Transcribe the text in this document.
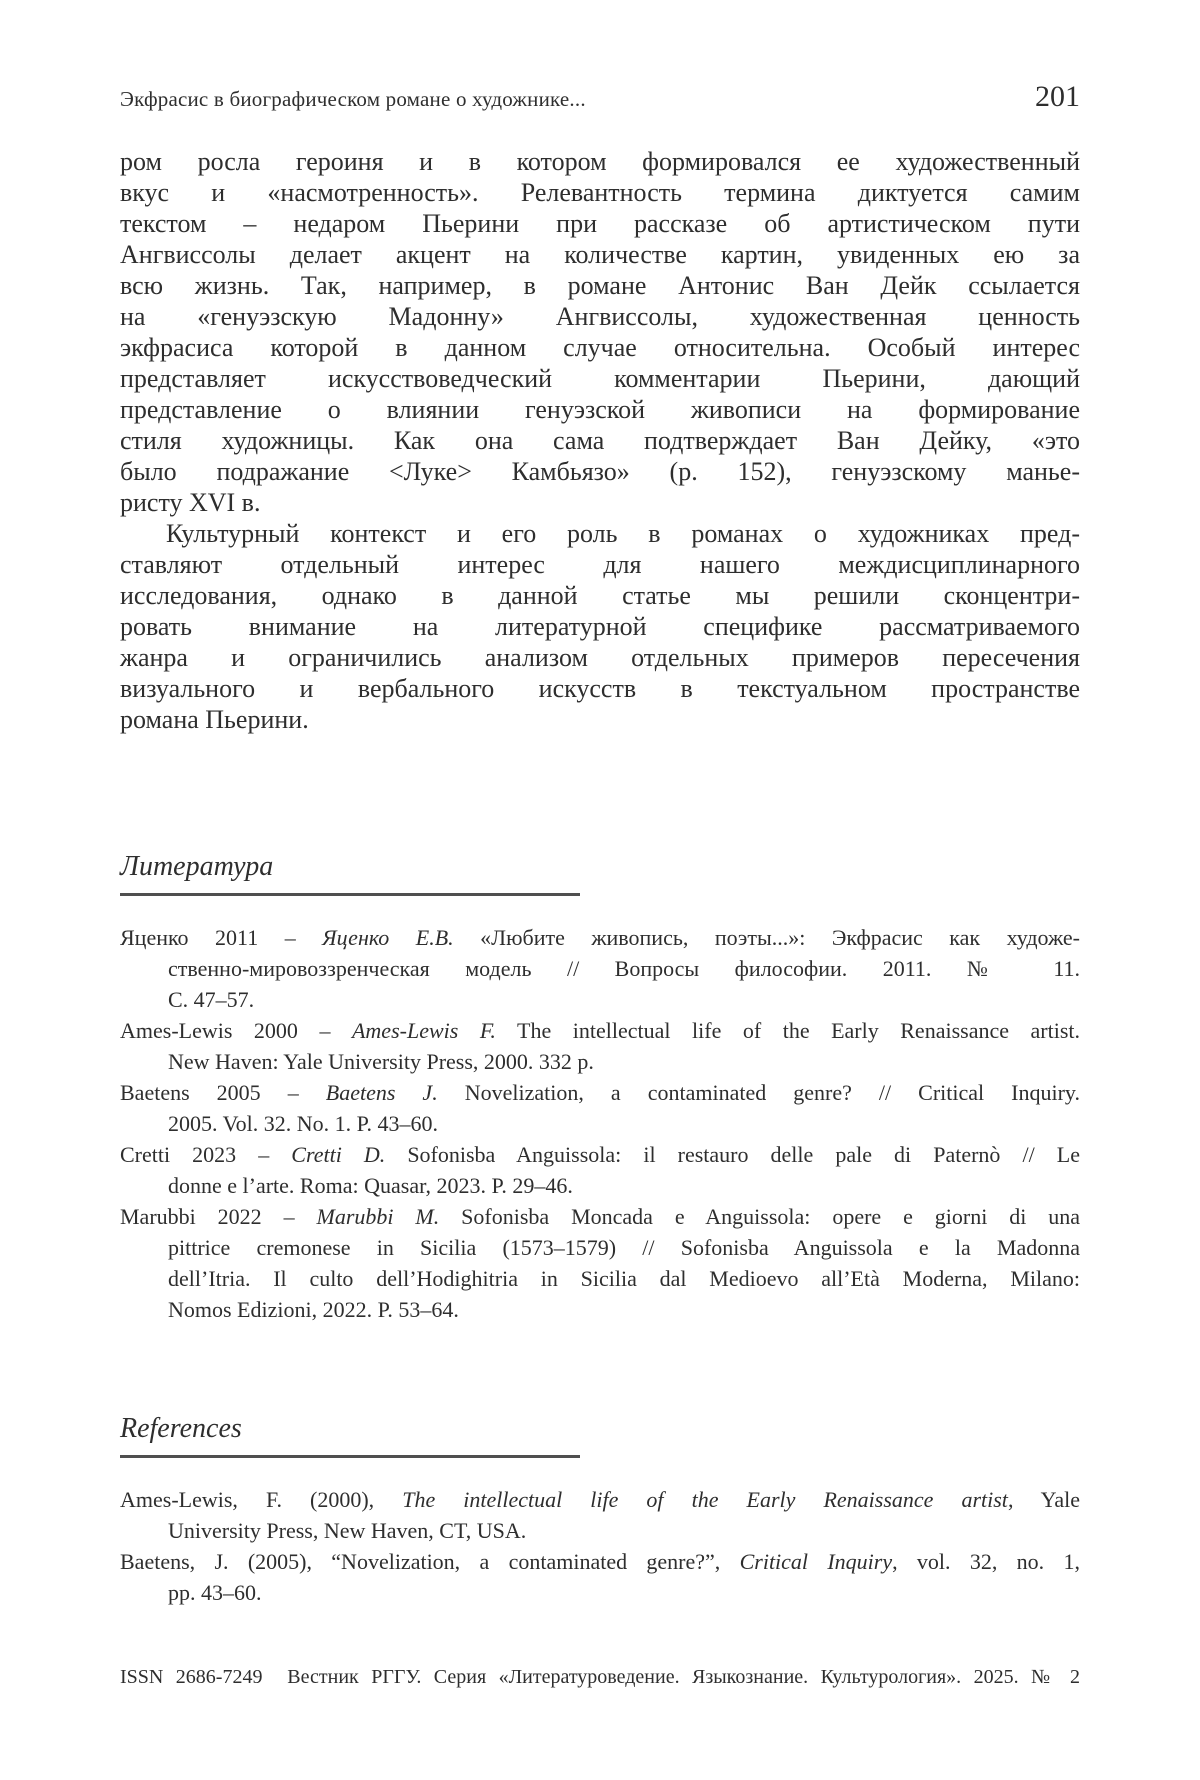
Экфрасис в биографическом романе о художнике...	201
ром росла героиня и в котором формировался ее художественный
вкус и «насмотренность». Релевантность термина диктуется самим
текстом – недаром Пьерини при рассказе об артистическом пути
Ангвиссолы делает акцент на количестве картин, увиденных ею за
всю жизнь. Так, например, в романе Антонис Ван Дейк ссылается
на «генуэзскую Мадонну» Ангвиссолы, художественная ценность
экфрасиса которой в данном случае относительна. Особый интерес
представляет искусствоведческий комментарии Пьерини, дающий
представление о влиянии генуэзской живописи на формирование
стиля художницы. Как она сама подтверждает Ван Дейку, «это
было подражание <Луке> Камбьязо» (р. 152), генуэзскому манье-
ристу XVI в.
Культурный контекст и его роль в романах о художниках пред-
ставляют отдельный интерес для нашего междисциплинарного
исследования, однако в данной статье мы решили сконцентри-
ровать внимание на литературной специфике рассматриваемого
жанра и ограничились анализом отдельных примеров пересечения
визуального и вербального искусств в текстуальном пространстве
романа Пьерини.
Литература
Яценко 2011 – Яценко Е.В. «Любите живопись, поэты...»: Экфрасис как художе-
ственно-мировоззренческая модель // Вопросы философии. 2011. № 11.
С. 47–57.
Ames-Lewis 2000 – Ames-Lewis F. The intellectual life of the Early Renaissance artist.
New Haven: Yale University Press, 2000. 332 p.
Baetens 2005 – Baetens J. Novelization, a contaminated genre? // Critical Inquiry.
2005. Vol. 32. No. 1. P. 43–60.
Cretti 2023 – Cretti D. Sofonisba Anguissola: il restauro delle pale di Paternò // Le
donne e l’arte. Roma: Quasar, 2023. P. 29–46.
Marubbi 2022 – Marubbi M. Sofonisba Moncada e Anguissola: opere e giorni di una
pittrice cremonese in Sicilia (1573–1579) // Sofonisba Anguissola e la Madonna
dell’Itria. Il culto dell’Hodighitria in Sicilia dal Medioevo all’Età Moderna, Milano:
Nomos Edizioni, 2022. P. 53–64.
References
Ames-Lewis, F. (2000), The intellectual life of the Early Renaissance artist, Yale
University Press, New Haven, CT, USA.
Baetens, J. (2005), “Novelization, a contaminated genre?”, Critical Inquiry, vol. 32, no. 1,
pp. 43–60.
ISSN 2686-7249  Вестник РГГУ. Серия «Литературоведение. Языкознание. Культурология». 2025. № 2
